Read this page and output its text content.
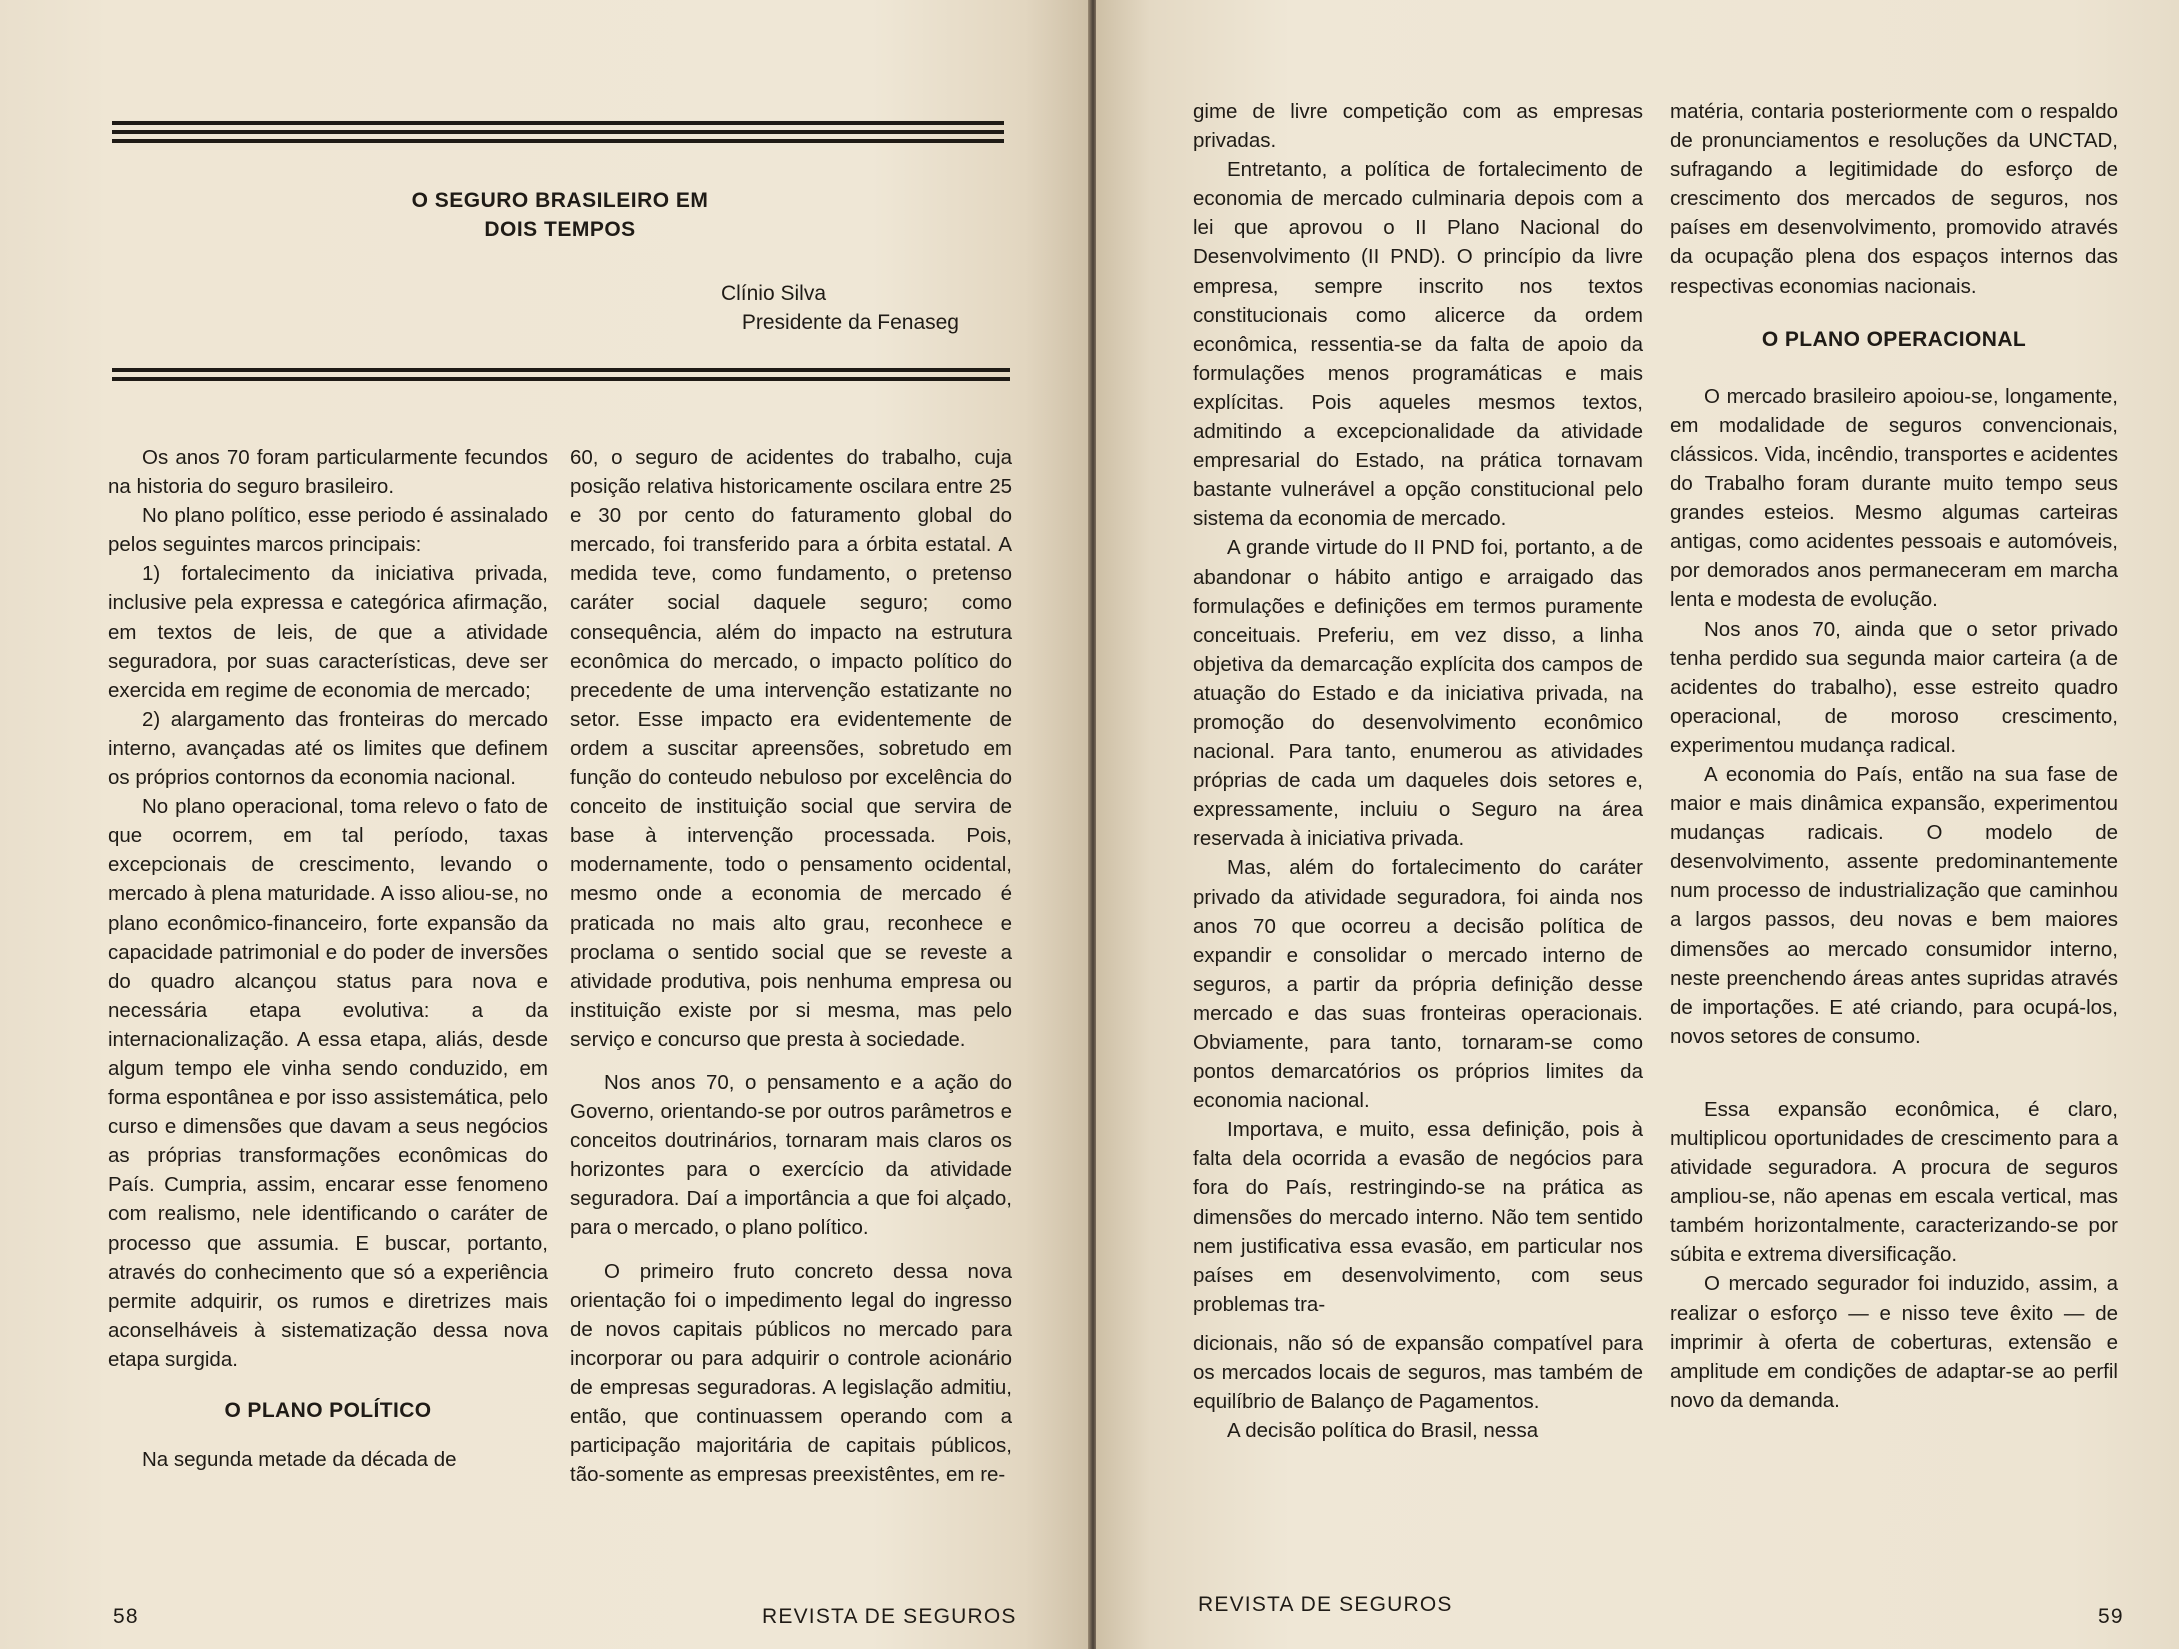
O SEGURO BRASILEIRO EM
DOIS TEMPOS
Clínio Silva
Presidente da Fenaseg

Os anos 70 foram particularmente fecundos na historia do seguro brasileiro.

No plano político, esse periodo é assinalado pelos seguintes marcos principais:

1) fortalecimento da iniciativa privada, inclusive pela expressa e categórica afirmação, em textos de leis, de que a atividade seguradora, por suas características, deve ser exercida em regime de economia de mercado;

2) alargamento das fronteiras do mercado interno, avançadas até os limites que definem os próprios contornos da economia nacional.

No plano operacional, toma relevo o fato de que ocorrem, em tal período, taxas excepcionais de crescimento, levando o mercado à plena maturidade. A isso aliou-se, no plano econômico-financeiro, forte expansão da capacidade patrimonial e do poder de inversões do quadro alcançou status para nova e necessária etapa evolutiva: a da internacionalização. A essa etapa, aliás, desde algum tempo ele vinha sendo conduzido, em forma espontânea e por isso assistemática, pelo curso e dimensões que davam a seus negócios as próprias transformações econômicas do País. Cumpria, assim, encarar esse fenomeno com realismo, nele identificando o caráter de processo que assumia. E buscar, portanto, através do conhecimento que só a experiência permite adquirir, os rumos e diretrizes mais aconselháveis à sistematização dessa nova etapa surgida.

O PLANO POLÍTICO

Na segunda metade da década de

60, o seguro de acidentes do trabalho, cuja posição relativa historicamente oscilara entre 25 e 30 por cento do faturamento global do mercado, foi transferido para a órbita estatal. A medida teve, como fundamento, o pretenso caráter social daquele seguro; como consequência, além do impacto na estrutura econômica do mercado, o impacto político do precedente de uma intervenção estatizante no setor. Esse impacto era evidentemente de ordem a suscitar apreensões, sobretudo em função do conteudo nebuloso por excelência do conceito de instituição social que servira de base à intervenção processada. Pois, modernamente, todo o pensamento ocidental, mesmo onde a economia de mercado é praticada no mais alto grau, reconhece e proclama o sentido social que se reveste a atividade produtiva, pois nenhuma empresa ou instituição existe por si mesma, mas pelo serviço e concurso que presta à sociedade.

Nos anos 70, o pensamento e a ação do Governo, orientando-se por outros parâmetros e conceitos doutrinários, tornaram mais claros os horizontes para o exercício da atividade seguradora. Daí a importância a que foi alçado, para o mercado, o plano político.

O primeiro fruto concreto dessa nova orientação foi o impedimento legal do ingresso de novos capitais públicos no mercado para incorporar ou para adquirir o controle acionário de empresas seguradoras. A legislação admitiu, então, que continuassem operando com a participação majoritária de capitais públicos, tão-somente as empresas preexistêntes, em re-

58	REVISTA DE SEGUROS

gime de livre competição com as empresas privadas.

Entretanto, a política de fortalecimento de economia de mercado culminaria depois com a lei que aprovou o II Plano Nacional do Desenvolvimento (II PND). O princípio da livre empresa, sempre inscrito nos textos constitucionais como alicerce da ordem econômica, ressentia-se da falta de apoio da formulações menos programáticas e mais explícitas. Pois aqueles mesmos textos, admitindo a excepcionalidade da atividade empresarial do Estado, na prática tornavam bastante vulnerável a opção constitucional pelo sistema da economia de mercado.

A grande virtude do II PND foi, portanto, a de abandonar o hábito antigo e arraigado das formulações e definições em termos puramente conceituais. Preferiu, em vez disso, a linha objetiva da demarcação explícita dos campos de atuação do Estado e da iniciativa privada, na promoção do desenvolvimento econômico nacional. Para tanto, enumerou as atividades próprias de cada um daqueles dois setores e, expressamente, incluiu o Seguro na área reservada à iniciativa privada.

Mas, além do fortalecimento do caráter privado da atividade seguradora, foi ainda nos anos 70 que ocorreu a decisão política de expandir e consolidar o mercado interno de seguros, a partir da própria definição desse mercado e das suas fronteiras operacionais. Obviamente, para tanto, tornaram-se como pontos demarcatórios os próprios limites da economia nacional.

Importava, e muito, essa definição, pois à falta dela ocorrida a evasão de negócios para fora do País, restringindo-se na prática as dimensões do mercado interno. Não tem sentido nem justificativa essa evasão, em particular nos países em desenvolvimento, com seus problemas tra-

dicionais, não só de expansão compatível para os mercados locais de seguros, mas também de equilíbrio de Balanço de Pagamentos.

A decisão política do Brasil, nessa

matéria, contaria posteriormente com o respaldo de pronunciamentos e resoluções da UNCTAD, sufragando a legitimidade do esforço de crescimento dos mercados de seguros, nos países em desenvolvimento, promovido através da ocupação plena dos espaços internos das respectivas economias nacionais.

O PLANO OPERACIONAL

O mercado brasileiro apoiou-se, longamente, em modalidade de seguros convencionais, clássicos. Vida, incêndio, transportes e acidentes do Trabalho foram durante muito tempo seus grandes esteios. Mesmo algumas carteiras antigas, como acidentes pessoais e automóveis, por demorados anos permaneceram em marcha lenta e modesta de evolução.

Nos anos 70, ainda que o setor privado tenha perdido sua segunda maior carteira (a de acidentes do trabalho), esse estreito quadro operacional, de moroso crescimento, experimentou mudança radical.

A economia do País, então na sua fase de maior e mais dinâmica expansão, experimentou mudanças radicais. O modelo de desenvolvimento, assente predominantemente num processo de industrialização que caminhou a largos passos, deu novas e bem maiores dimensões ao mercado consumidor interno, neste preenchendo áreas antes supridas através de importações. E até criando, para ocupá-los, novos setores de consumo.

Essa expansão econômica, é claro, multiplicou oportunidades de crescimento para a atividade seguradora. A procura de seguros ampliou-se, não apenas em escala vertical, mas também horizontalmente, caracterizando-se por súbita e extrema diversificação.

O mercado segurador foi induzido, assim, a realizar o esforço — e nisso teve êxito — de imprimir à oferta de coberturas, extensão e amplitude em condições de adaptar-se ao perfil novo da demanda.

REVISTA DE SEGUROS
59
